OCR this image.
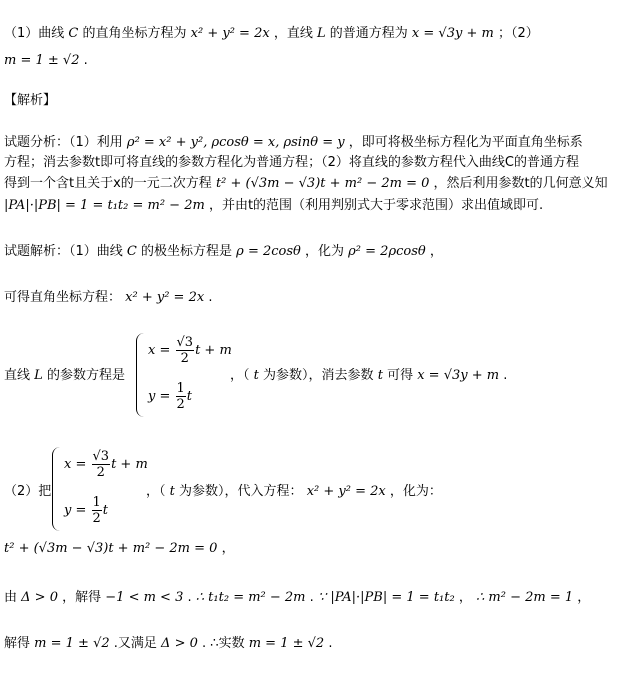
（1）曲线 C 的直角坐标方程为 x² + y² = 2x ，直线 L 的普通方程为 x = √3y + m ；（2）
m = 1 ± √2 .
【解析】
试题分析：（1）利用 ρ² = x² + y², ρcosθ = x, ρsinθ = y ，即可将极坐标方程化为平面直角坐标系
方程；消去参数t即可将直线的参数方程化为普通方程；（2）将直线的参数方程代入曲线C的普通方程
得到一个含t且关于x的一元二次方程 t² + (√3m − √3)t + m² − 2m = 0 ，然后利用参数t的几何意义知
|PA|·|PB| = 1 = t₁t₂ = m² − 2m ，并由t的范围（利用判别式大于零求范围）求出值域即可.
试题解析：（1）曲线 C 的极坐标方程是 ρ = 2cosθ ，化为 ρ² = 2ρcosθ ，
可得直角坐标方程： x² + y² = 2x .
直线 L 的参数方程是
$x = \frac{√3}{2}$ t + m
$y = \frac{1}{2}$ t
，（ t 为参数），消去参数 t 可得 x = √3y + m .
（2）把
$x = \frac{√3}{2}$ t + m
$y = \frac{1}{2}$ t
，（ t 为参数），代入方程： x² + y² = 2x ，化为：
t² + (√3m − √3)t + m² − 2m = 0 ，
由 Δ > 0 ，解得 −1 < m < 3 . ∴ t₁t₂ = m² − 2m . ∵ |PA|·|PB| = 1 = t₁t₂ ， ∴ m² − 2m = 1 ，
解得 m = 1 ± √2 .又满足 Δ > 0 . ∴实数 m = 1 ± √2 .
